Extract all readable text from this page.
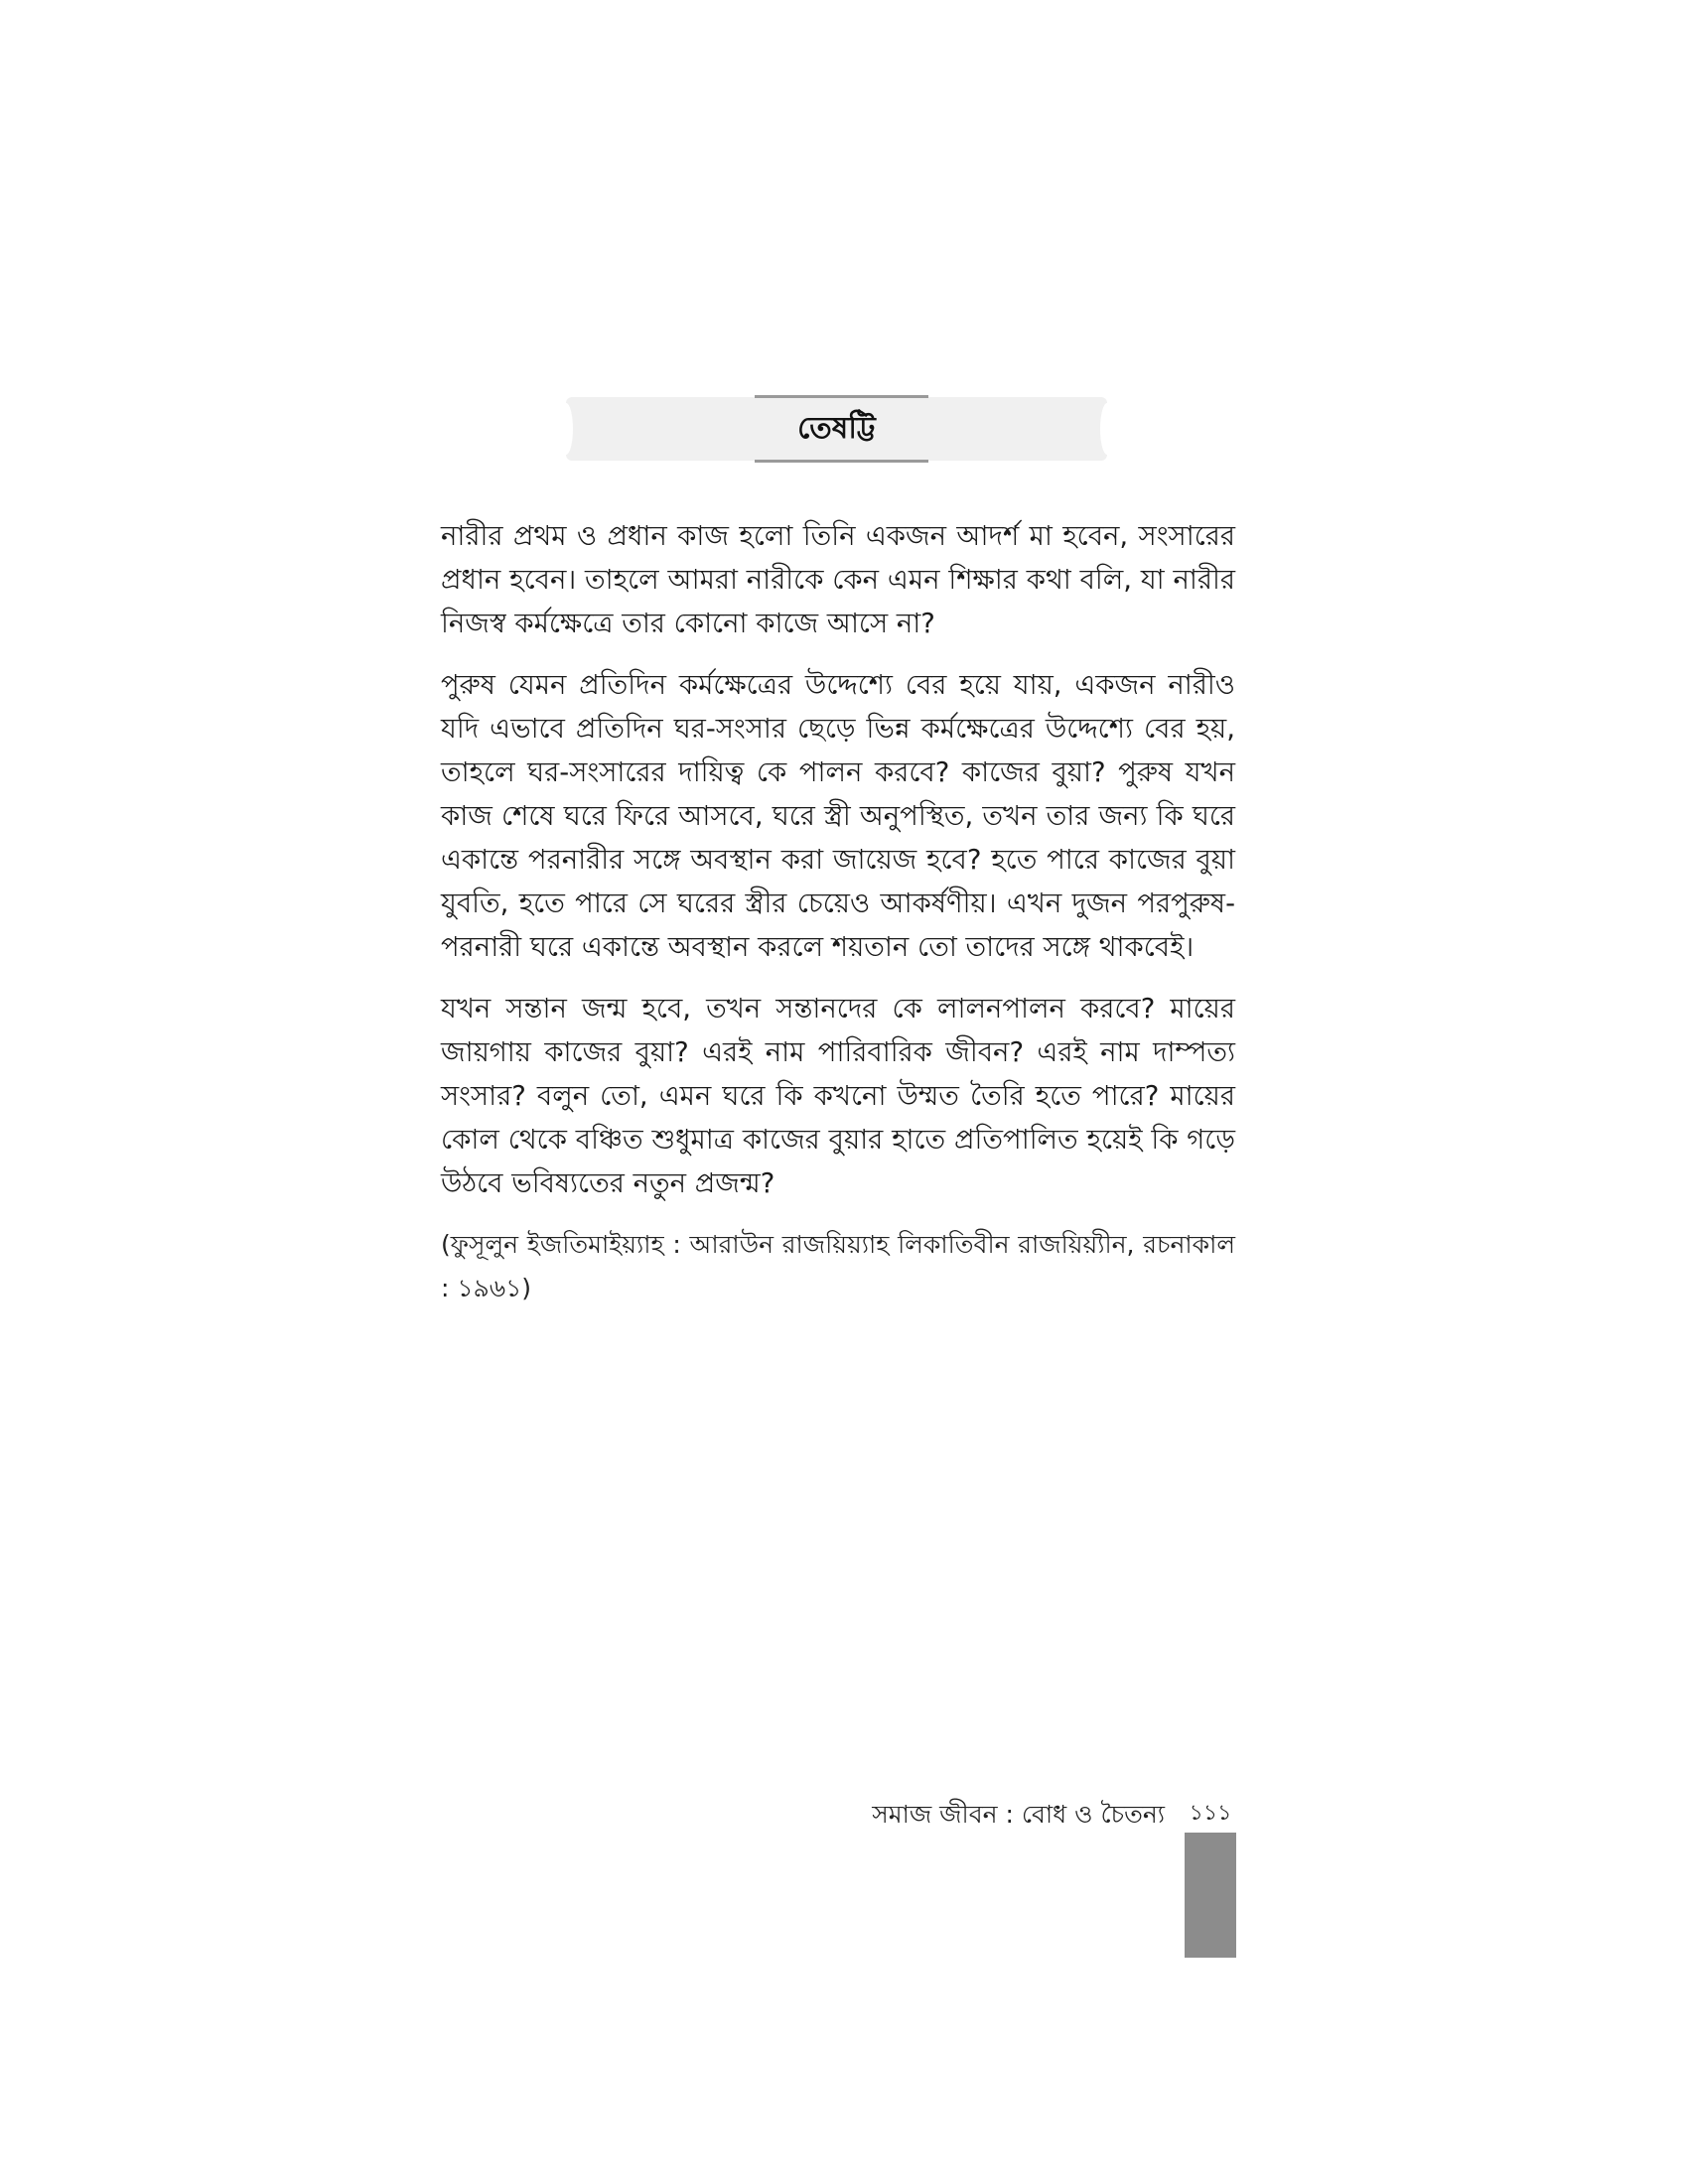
তেষট্টি

নারীর প্রথম ও প্রধান কাজ হলো তিনি একজন আদর্শ মা হবেন, সংসারের প্রধান হবেন। তাহলে আমরা নারীকে কেন এমন শিক্ষার কথা বলি, যা নারীর নিজস্ব কর্মক্ষেত্রে তার কোনো কাজে আসে না?

পুরুষ যেমন প্রতিদিন কর্মক্ষেত্রের উদ্দেশ্যে বের হয়ে যায়, একজন নারীও যদি এভাবে প্রতিদিন ঘর-সংসার ছেড়ে ভিন্ন কর্মক্ষেত্রের উদ্দেশ্যে বের হয়, তাহলে ঘর-সংসারের দায়িত্ব কে পালন করবে? কাজের বুয়া? পুরুষ যখন কাজ শেষে ঘরে ফিরে আসবে, ঘরে স্ত্রী অনুপস্থিত, তখন তার জন্য কি ঘরে একান্তে পরনারীর সঙ্গে অবস্থান করা জায়েজ হবে? হতে পারে কাজের বুয়া যুবতি, হতে পারে সে ঘরের স্ত্রীর চেয়েও আকর্ষণীয়। এখন দুজন পরপুরুষ-পরনারী ঘরে একান্তে অবস্থান করলে শয়তান তো তাদের সঙ্গে থাকবেই।

যখন সন্তান জন্ম হবে, তখন সন্তানদের কে লালনপালন করবে? মায়ের জায়গায় কাজের বুয়া? এরই নাম পারিবারিক জীবন? এরই নাম দাম্পত্য সংসার? বলুন তো, এমন ঘরে কি কখনো উম্মত তৈরি হতে পারে? মায়ের কোল থেকে বঞ্চিত শুধুমাত্র কাজের বুয়ার হাতে প্রতিপালিত হয়েই কি গড়ে উঠবে ভবিষ্যতের নতুন প্রজন্ম?

(ফুসূলুন ইজতিমাইয়্যাহ : আরাউন রাজয়িয়্যাহ লিকাতিবীন রাজয়িয়্যীন, রচনাকাল : ১৯৬১)

সমাজ জীবন : বোধ ও চৈতন্য ১১১
